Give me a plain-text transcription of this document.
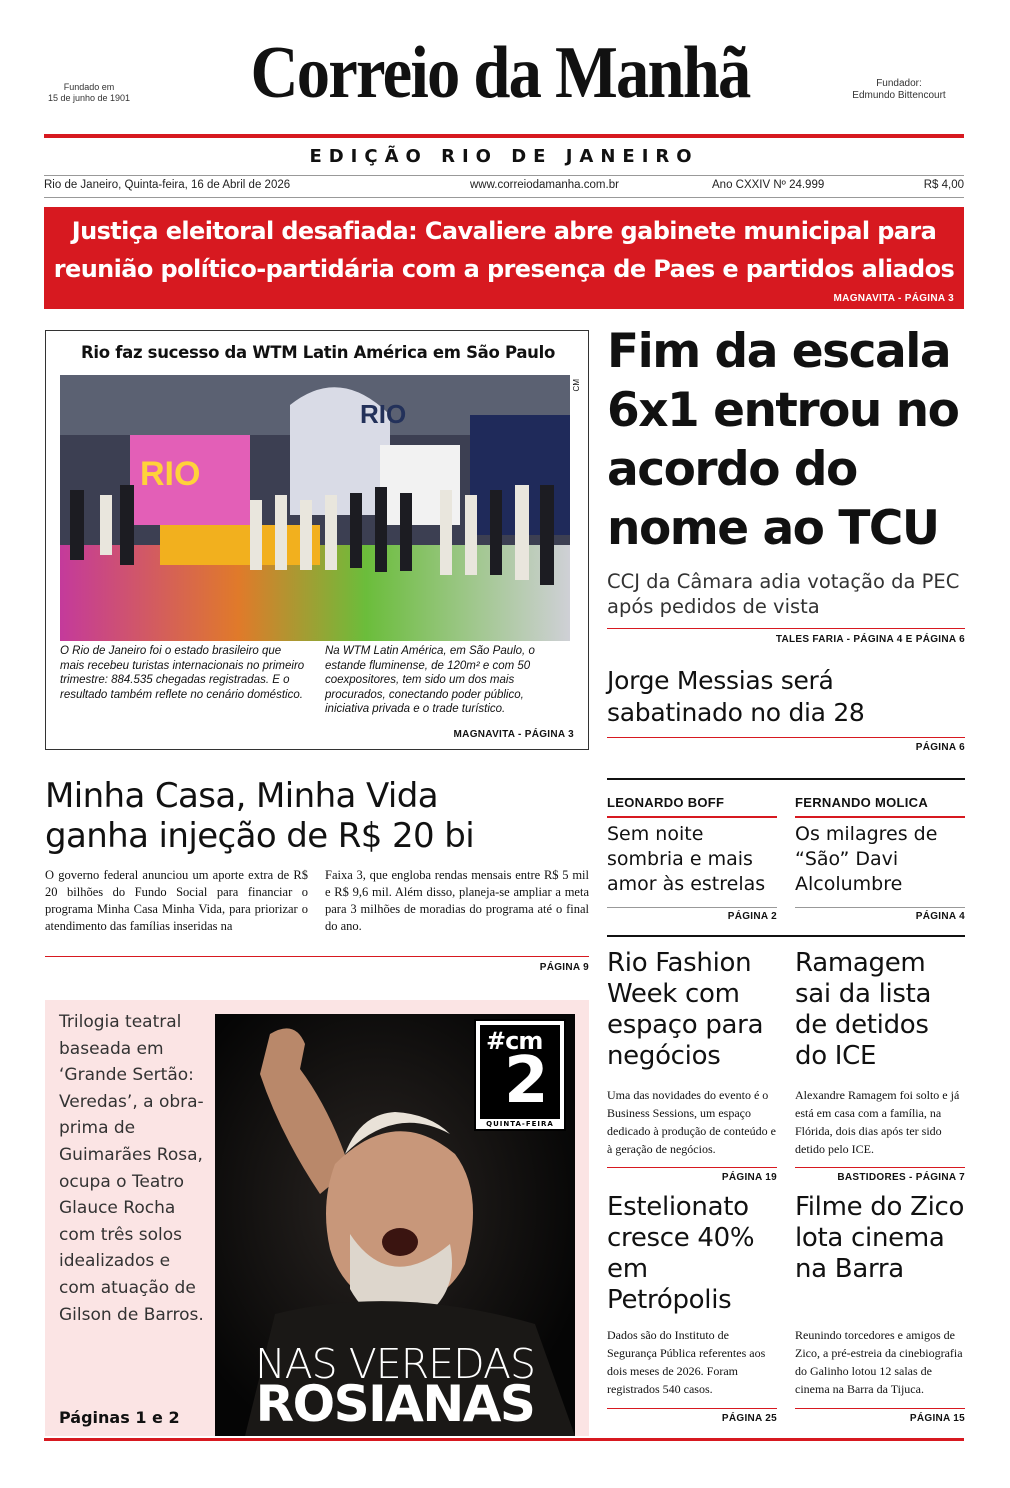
Fundado em
15 de junho de 1901	Correio da Manhã	Fundador:
Edmundo Bittencourt
EDIÇÃO RIO DE JANEIRO
Rio de Janeiro, Quinta-feira, 16 de Abril de 2026	www.correiodamanha.com.br	Ano CXXIV Nº 24.999	R$ 4,00
Justiça eleitoral desafiada: Cavaliere abre gabinete municipal para
reunião político-partidária com a presença de Paes e partidos aliados
MAGNAVITA - PÁGINA 3
Rio faz sucesso da WTM Latin América em São Paulo
RIO
RIO
CM
O Rio de Janeiro foi o estado brasileiro que mais recebeu turistas internacionais no primeiro trimestre: 884.535 chegadas registradas. E o resultado também reflete no cenário doméstico.
Na WTM Latin América, em São Paulo, o estande fluminense, de 120m² e com 50 coexpositores, tem sido um dos mais procurados, conectando poder público, iniciativa privada e o trade turístico.
MAGNAVITA - PÁGINA 3
Fim da escala 6x1 entrou no acordo do nome ao TCU
CCJ da Câmara adia votação da PEC após pedidos de vista
TALES FARIA - PÁGINA 4 E PÁGINA 6
Jorge Messias será sabatinado no dia 28
PÁGINA 6
Minha Casa, Minha Vida
ganha injeção de R$ 20 bi
O governo federal anunciou um aporte extra de R$ 20 bilhões do Fundo Social para financiar o programa Minha Casa Minha Vida, para priorizar o atendimento das famílias inseridas na
Faixa 3, que engloba rendas mensais entre R$ 5 mil e R$ 9,6 mil. Além disso, planeja-se ampliar a meta para 3 milhões de moradias do programa até o final do ano.
PÁGINA 9
LEONARDO BOFF
Sem noite sombria e mais amor às estrelas
PÁGINA 2
FERNANDO MOLICA
Os milagres de “São” Davi Alcolumbre
PÁGINA 4
Rio Fashion Week com espaço para negócios
Uma das novidades do evento é o Business Sessions, um espaço dedicado à produção de conteúdo e à geração de negócios.
PÁGINA 19
Ramagem sai da lista de detidos do ICE
Alexandre Ramagem foi solto e já está em casa com a família, na Flórida, dois dias após ter sido detido pelo ICE.
BASTIDORES - PÁGINA 7
Estelionato cresce 40% em Petrópolis
Dados são do Instituto de Segurança Pública referentes aos dois meses de 2026. Foram registrados 540 casos.
PÁGINA 25
Filme do Zico lota cinema na Barra
Reunindo torcedores e amigos de Zico, a pré-estreia da cinebiografia do Galinho lotou 12 salas de cinema na Barra da Tijuca.
PÁGINA 15
Trilogia teatral baseada em ‘Grande Sertão: Veredas’, a obra-prima de Guimarães Rosa, ocupa o Teatro Glauce Rocha com três solos idealizados e com atuação de Gilson de Barros.
Páginas 1 e 2
#cm
2
QUINTA-FEIRA
NAS VEREDAS
ROSIANAS
